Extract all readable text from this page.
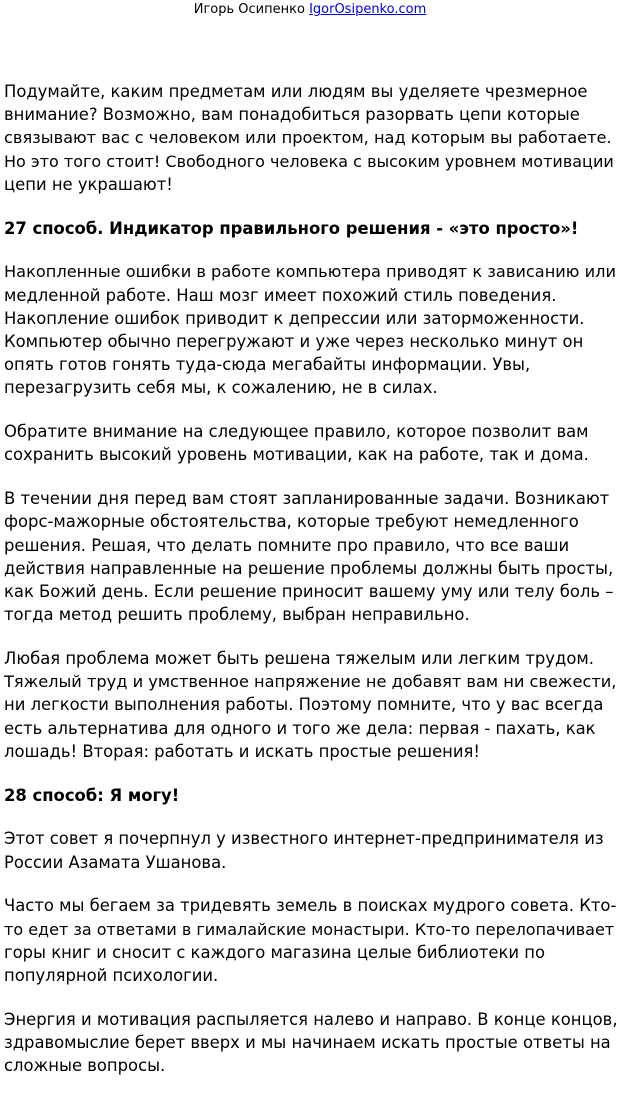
Игорь Осипенко IgorOsipenko.com

Подумайте, каким предметам или людям вы уделяете чрезмерное
внимание? Возможно, вам понадобиться разорвать цепи которые
связывают вас с человеком или проектом, над которым вы работаете.
Но это того стоит! Свободного человека с высоким уровнем мотивации
цепи не украшают!

27 способ. Индикатор правильного решения - «это просто»!

Накопленные ошибки в работе компьютера приводят к зависанию или
медленной работе. Наш мозг имеет похожий стиль поведения.
Накопление ошибок приводит к депрессии или заторможенности.
Компьютер обычно перегружают и уже через несколько минут он
опять готов гонять туда-сюда мегабайты информации. Увы,
перезагрузить себя мы, к сожалению, не в силах.

Обратите внимание на следующее правило, которое позволит вам
сохранить высокий уровень мотивации, как на работе, так и дома.

В течении дня перед вам стоят запланированные задачи. Возникают
форс-мажорные обстоятельства, которые требуют немедленного
решения. Решая, что делать помните про правило, что все ваши
действия направленные на решение проблемы должны быть просты,
как Божий день. Если решение приносит вашему уму или телу боль –
тогда метод решить проблему, выбран неправильно.

Любая проблема может быть решена тяжелым или легким трудом.
Тяжелый труд и умственное напряжение не добавят вам ни свежести,
ни легкости выполнения работы. Поэтому помните, что у вас всегда
есть альтернатива для одного и того же дела: первая - пахать, как
лошадь! Вторая: работать и искать простые решения!

28 способ: Я могу!

Этот совет я почерпнул у известного интернет-предпринимателя из
России Азамата Ушанова.

Часто мы бегаем за тридевять земель в поисках мудрого совета. Кто-
то едет за ответами в гималайские монастыри. Кто-то перелопачивает
горы книг и сносит с каждого магазина целые библиотеки по
популярной психологии.

Энергия и мотивация распыляется налево и направо. В конце концов,
здравомыслие берет вверх и мы начинаем искать простые ответы на
сложные вопросы.
